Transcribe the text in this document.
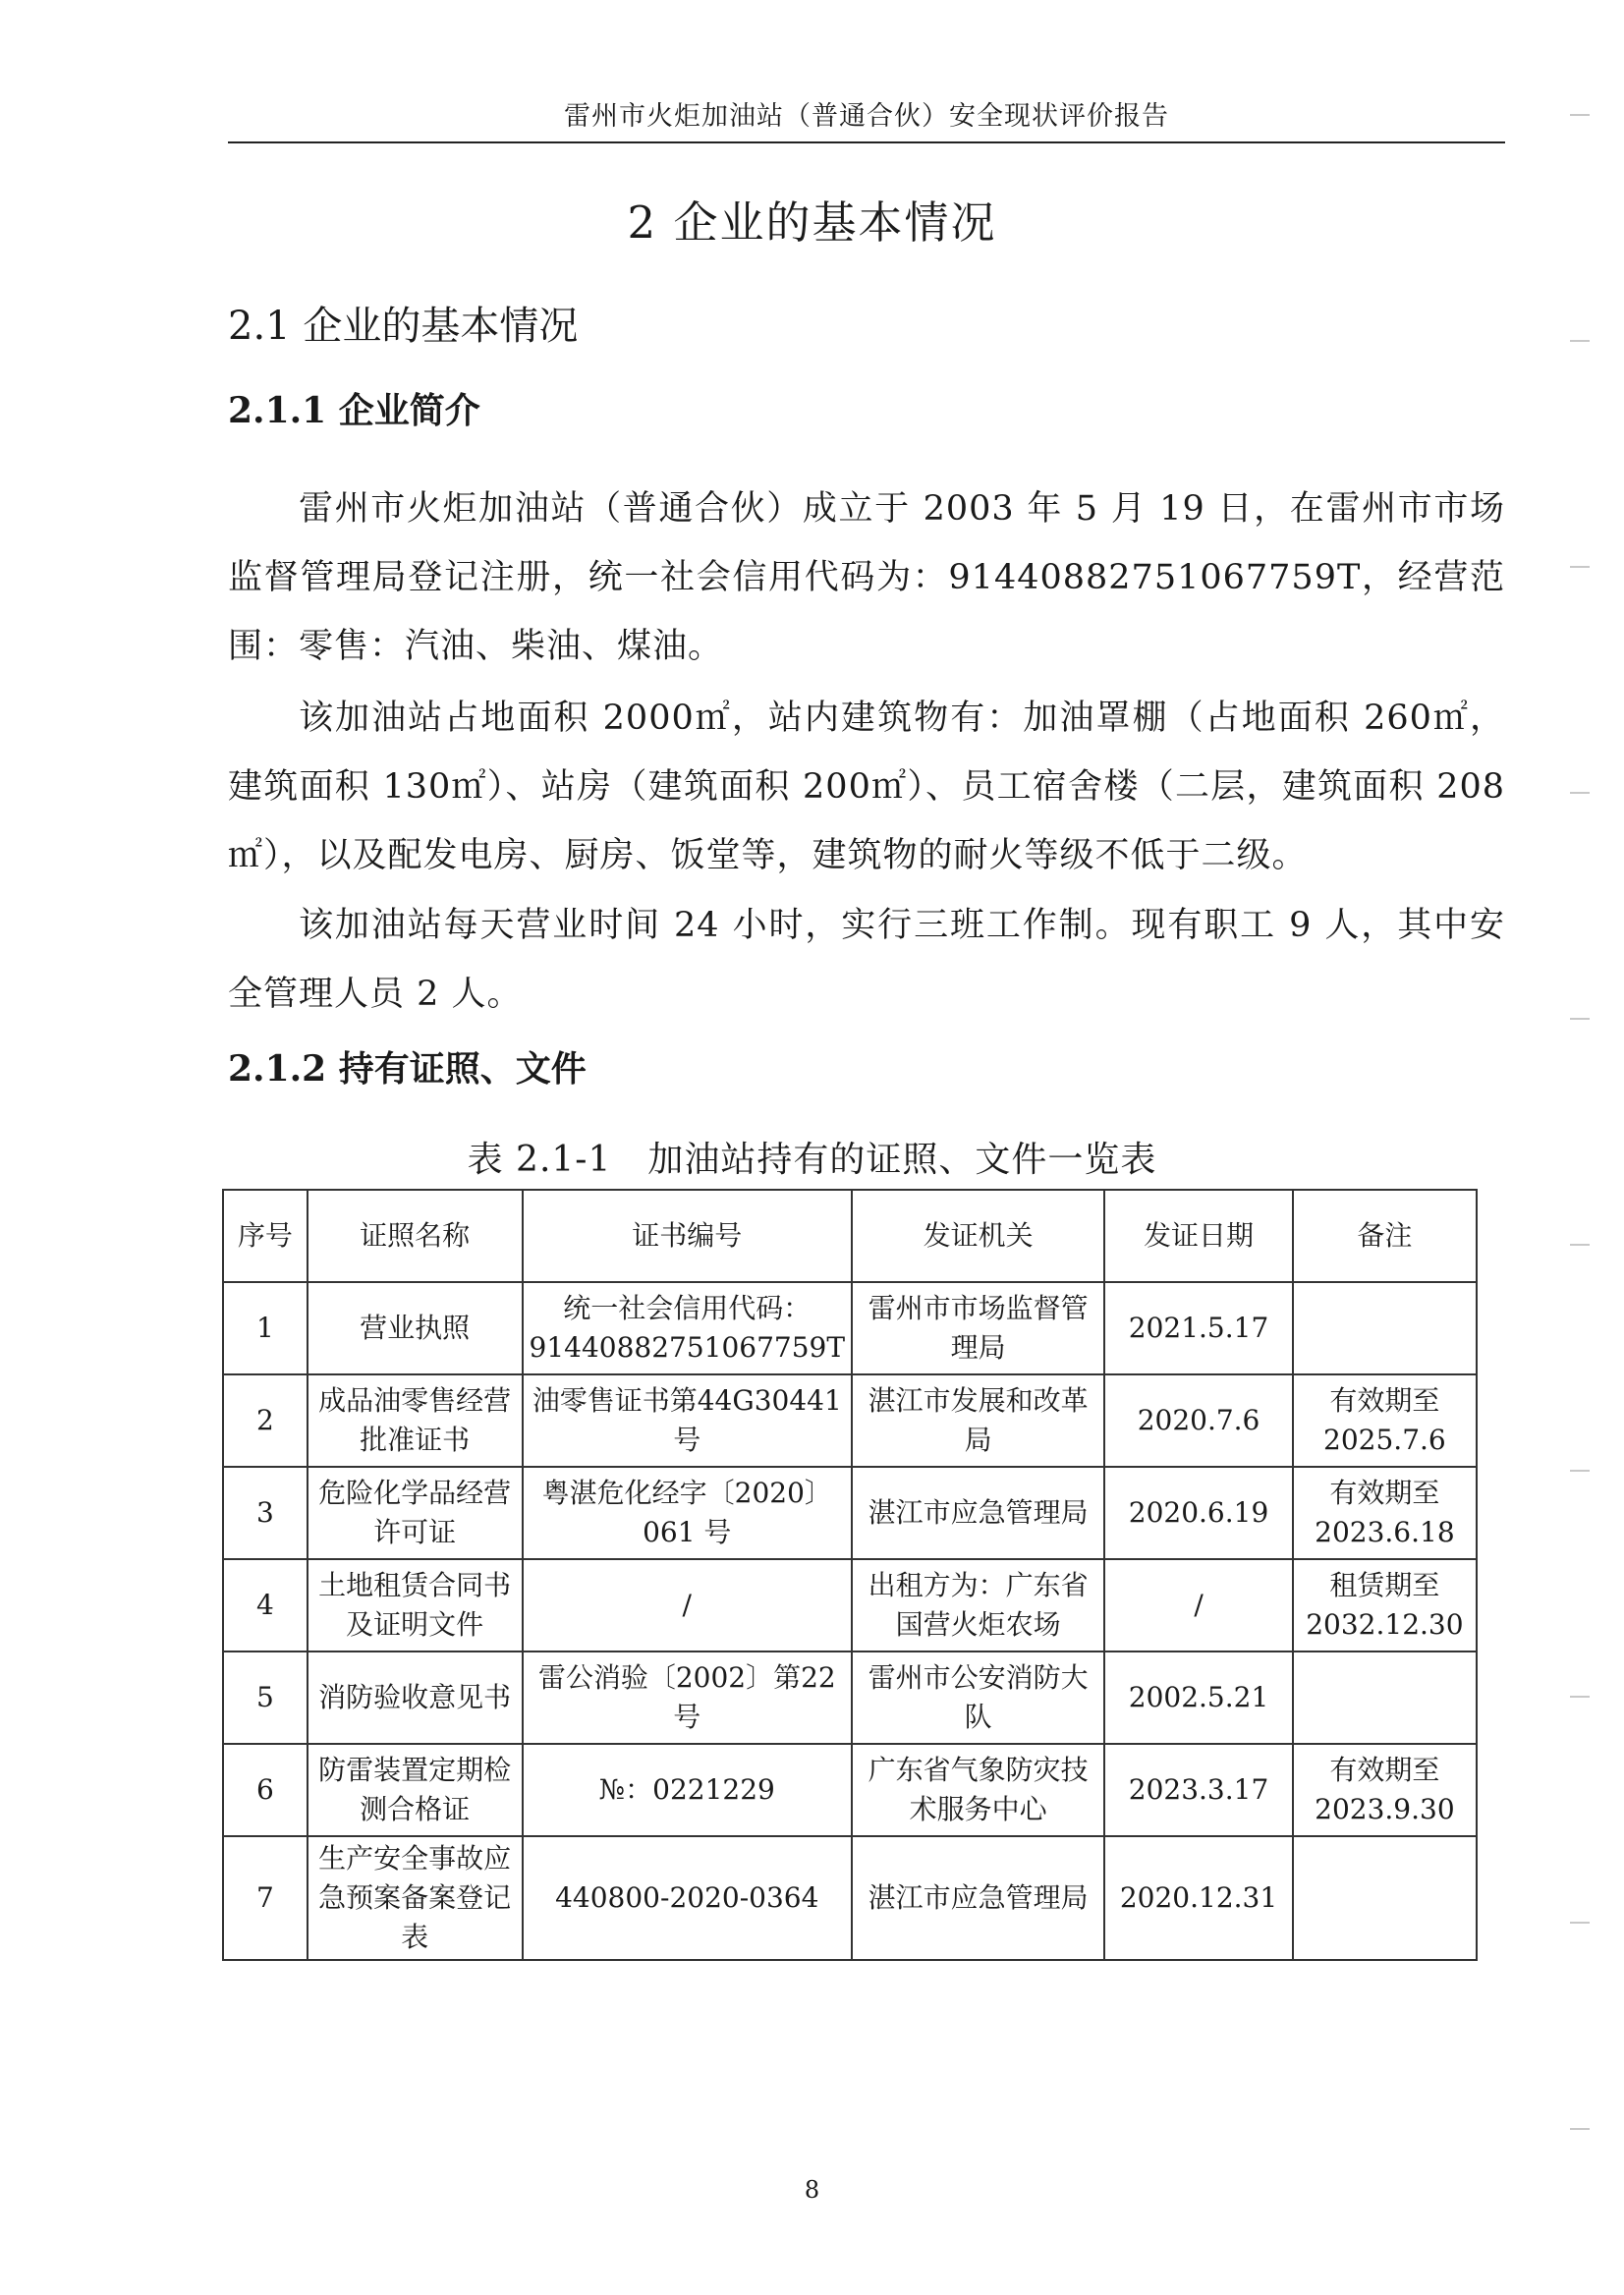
雷州市火炬加油站（普通合伙）安全现状评价报告
2 企业的基本情况
2.1 企业的基本情况
2.1.1 企业简介
雷州市火炬加油站（普通合伙）成立于 2003 年 5 月 19 日，在雷州市市场监督管理局登记注册，统一社会信用代码为：91440882751067759T，经营范围：零售：汽油、柴油、煤油。
该加油站占地面积 2000㎡，站内建筑物有：加油罩棚（占地面积 260㎡，建筑面积 130㎡）、站房（建筑面积 200㎡）、员工宿舍楼（二层，建筑面积 208㎡），以及配发电房、厨房、饭堂等，建筑物的耐火等级不低于二级。
该加油站每天营业时间 24 小时，实行三班工作制。现有职工 9 人，其中安全管理人员 2 人。
2.1.2 持有证照、文件
表 2.1-1　加油站持有的证照、文件一览表
序号	证照名称	证书编号	发证机关	发证日期	备注
1	营业执照	统一社会信用代码：91440882751067759T	雷州市市场监督管理局	2021.5.17	
2	成品油零售经营批准证书	油零售证书第44G30441 号	湛江市发展和改革局	2020.7.6	有效期至2025.7.6
3	危险化学品经营许可证	粤湛危化经字〔2020〕061 号	湛江市应急管理局	2020.6.19	有效期至2023.6.18
4	土地租赁合同书及证明文件	/	出租方为：广东省国营火炬农场	/	租赁期至2032.12.30
5	消防验收意见书	雷公消验〔2002〕第22 号	雷州市公安消防大队	2002.5.21	
6	防雷装置定期检测合格证	№：0221229	广东省气象防灾技术服务中心	2023.3.17	有效期至2023.9.30
7	生产安全事故应急预案备案登记表	440800-2020-0364	湛江市应急管理局	2020.12.31	
8
